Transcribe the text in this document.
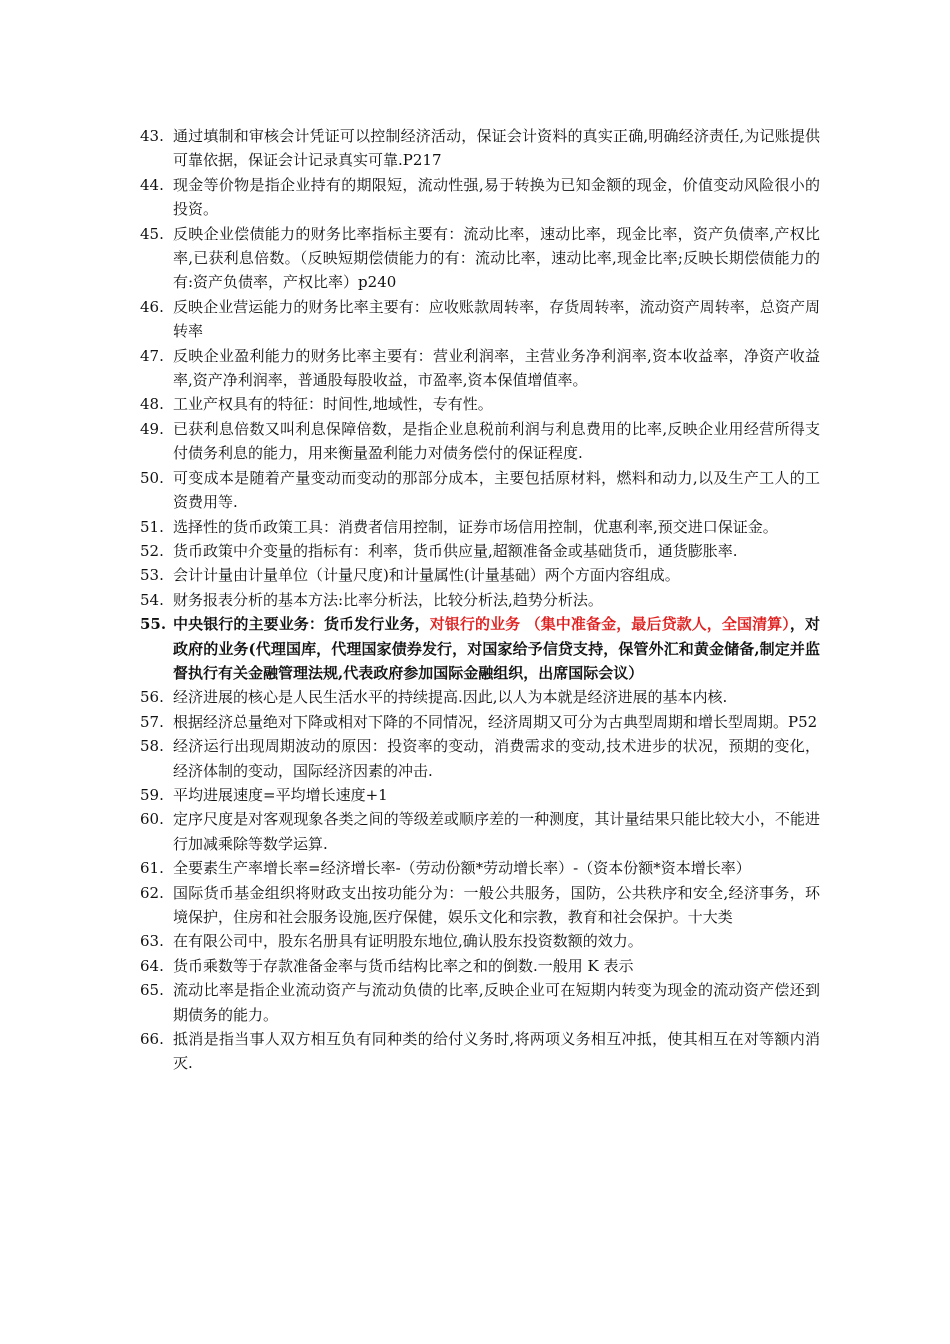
43. 通过填制和审核会计凭证可以控制经济活动，保证会计资料的真实正确,明确经济责任,为记账提供可靠依据，保证会计记录真实可靠.P217
44. 现金等价物是指企业持有的期限短，流动性强,易于转换为已知金额的现金，价值变动风险很小的投资。
45. 反映企业偿债能力的财务比率指标主要有：流动比率，速动比率，现金比率，资产负债率,产权比率,已获利息倍数。（反映短期偿债能力的有：流动比率，速动比率,现金比率;反映长期偿债能力的有:资产负债率，产权比率）p240
46. 反映企业营运能力的财务比率主要有：应收账款周转率，存货周转率，流动资产周转率，总资产周转率
47. 反映企业盈利能力的财务比率主要有：营业利润率，主营业务净利润率,资本收益率，净资产收益率,资产净利润率，普通股每股收益，市盈率,资本保值增值率。
48. 工业产权具有的特征：时间性,地域性，专有性。
49. 已获利息倍数又叫利息保障倍数，是指企业息税前利润与利息费用的比率,反映企业用经营所得支付债务利息的能力，用来衡量盈利能力对债务偿付的保证程度.
50. 可变成本是随着产量变动而变动的那部分成本，主要包括原材料，燃料和动力,以及生产工人的工资费用等.
51. 选择性的货币政策工具：消费者信用控制，证券市场信用控制，优惠利率,预交进口保证金。
52. 货币政策中介变量的指标有：利率，货币供应量,超额准备金或基础货币，通货膨胀率.
53. 会计计量由计量单位（计量尺度)和计量属性(计量基础）两个方面内容组成。
54. 财务报表分析的基本方法:比率分析法，比较分析法,趋势分析法。
55. 中央银行的主要业务：货币发行业务，对银行的业务 （集中准备金，最后贷款人，全国清算），对政府的业务(代理国库，代理国家债券发行，对国家给予信贷支持，保管外汇和黄金储备,制定并监督执行有关金融管理法规,代表政府参加国际金融组织，出席国际会议）
56. 经济进展的核心是人民生活水平的持续提高.因此,以人为本就是经济进展的基本内核.
57. 根据经济总量绝对下降或相对下降的不同情况，经济周期又可分为古典型周期和增长型周期。P52
58. 经济运行出现周期波动的原因：投资率的变动，消费需求的变动,技术进步的状况，预期的变化，经济体制的变动，国际经济因素的冲击.
59. 平均进展速度=平均增长速度+1
60. 定序尺度是对客观现象各类之间的等级差或顺序差的一种测度，其计量结果只能比较大小，不能进行加减乘除等数学运算.
61. 全要素生产率增长率=经济增长率-（劳动份额*劳动增长率）-（资本份额*资本增长率）
62. 国际货币基金组织将财政支出按功能分为：一般公共服务，国防，公共秩序和安全,经济事务，环境保护，住房和社会服务设施,医疗保健，娱乐文化和宗教，教育和社会保护。十大类
63. 在有限公司中，股东名册具有证明股东地位,确认股东投资数额的效力。
64. 货币乘数等于存款准备金率与货币结构比率之和的倒数.一般用 K 表示
65. 流动比率是指企业流动资产与流动负债的比率,反映企业可在短期内转变为现金的流动资产偿还到期债务的能力。
66. 抵消是指当事人双方相互负有同种类的给付义务时,将两项义务相互冲抵，使其相互在对等额内消灭.
